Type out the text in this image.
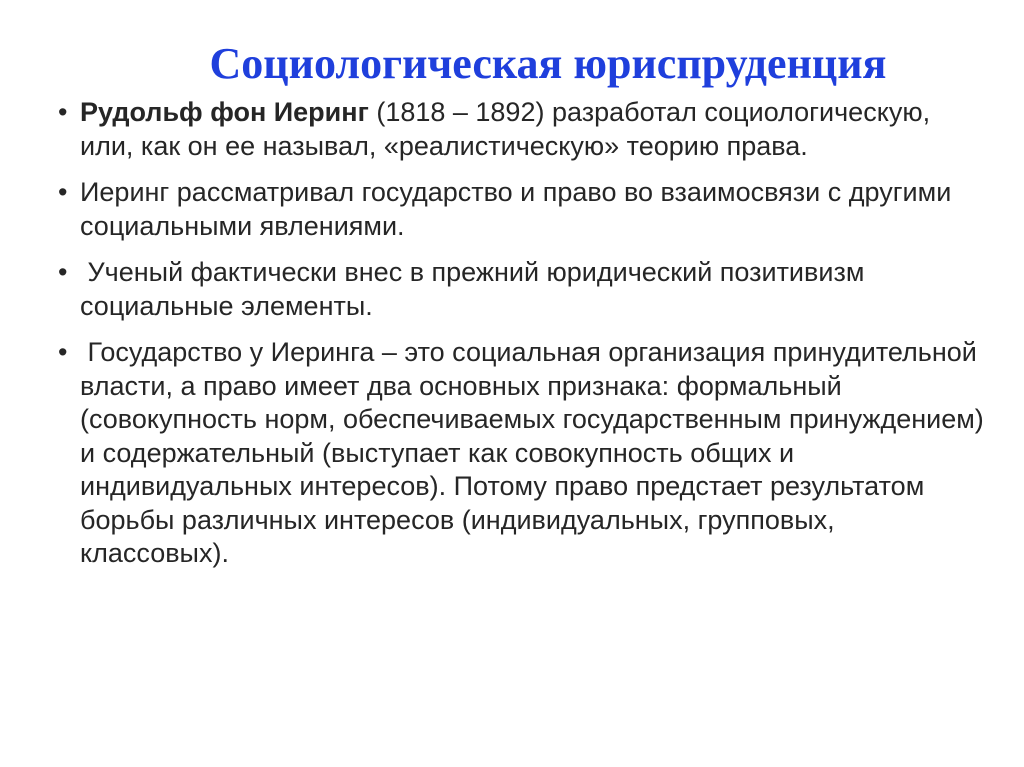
Социологическая юриспруденция
• Рудольф фон Иеринг (1818 – 1892) разработал социологическую, или, как он ее называл, «реалистическую» теорию права.
• Иеринг рассматривал государство и право во взаимосвязи с другими социальными явлениями.
• Ученый фактически внес в прежний юридический позитивизм социальные элементы.
• Государство у Иеринга – это социальная организация принудительной власти, а право имеет два основных признака: формальный (совокупность норм, обеспечиваемых государственным принуждением) и содержательный (выступает как совокупность общих и индивидуальных интересов). Потому право предстает результатом борьбы различных интересов (индивидуальных, групповых, классовых).
